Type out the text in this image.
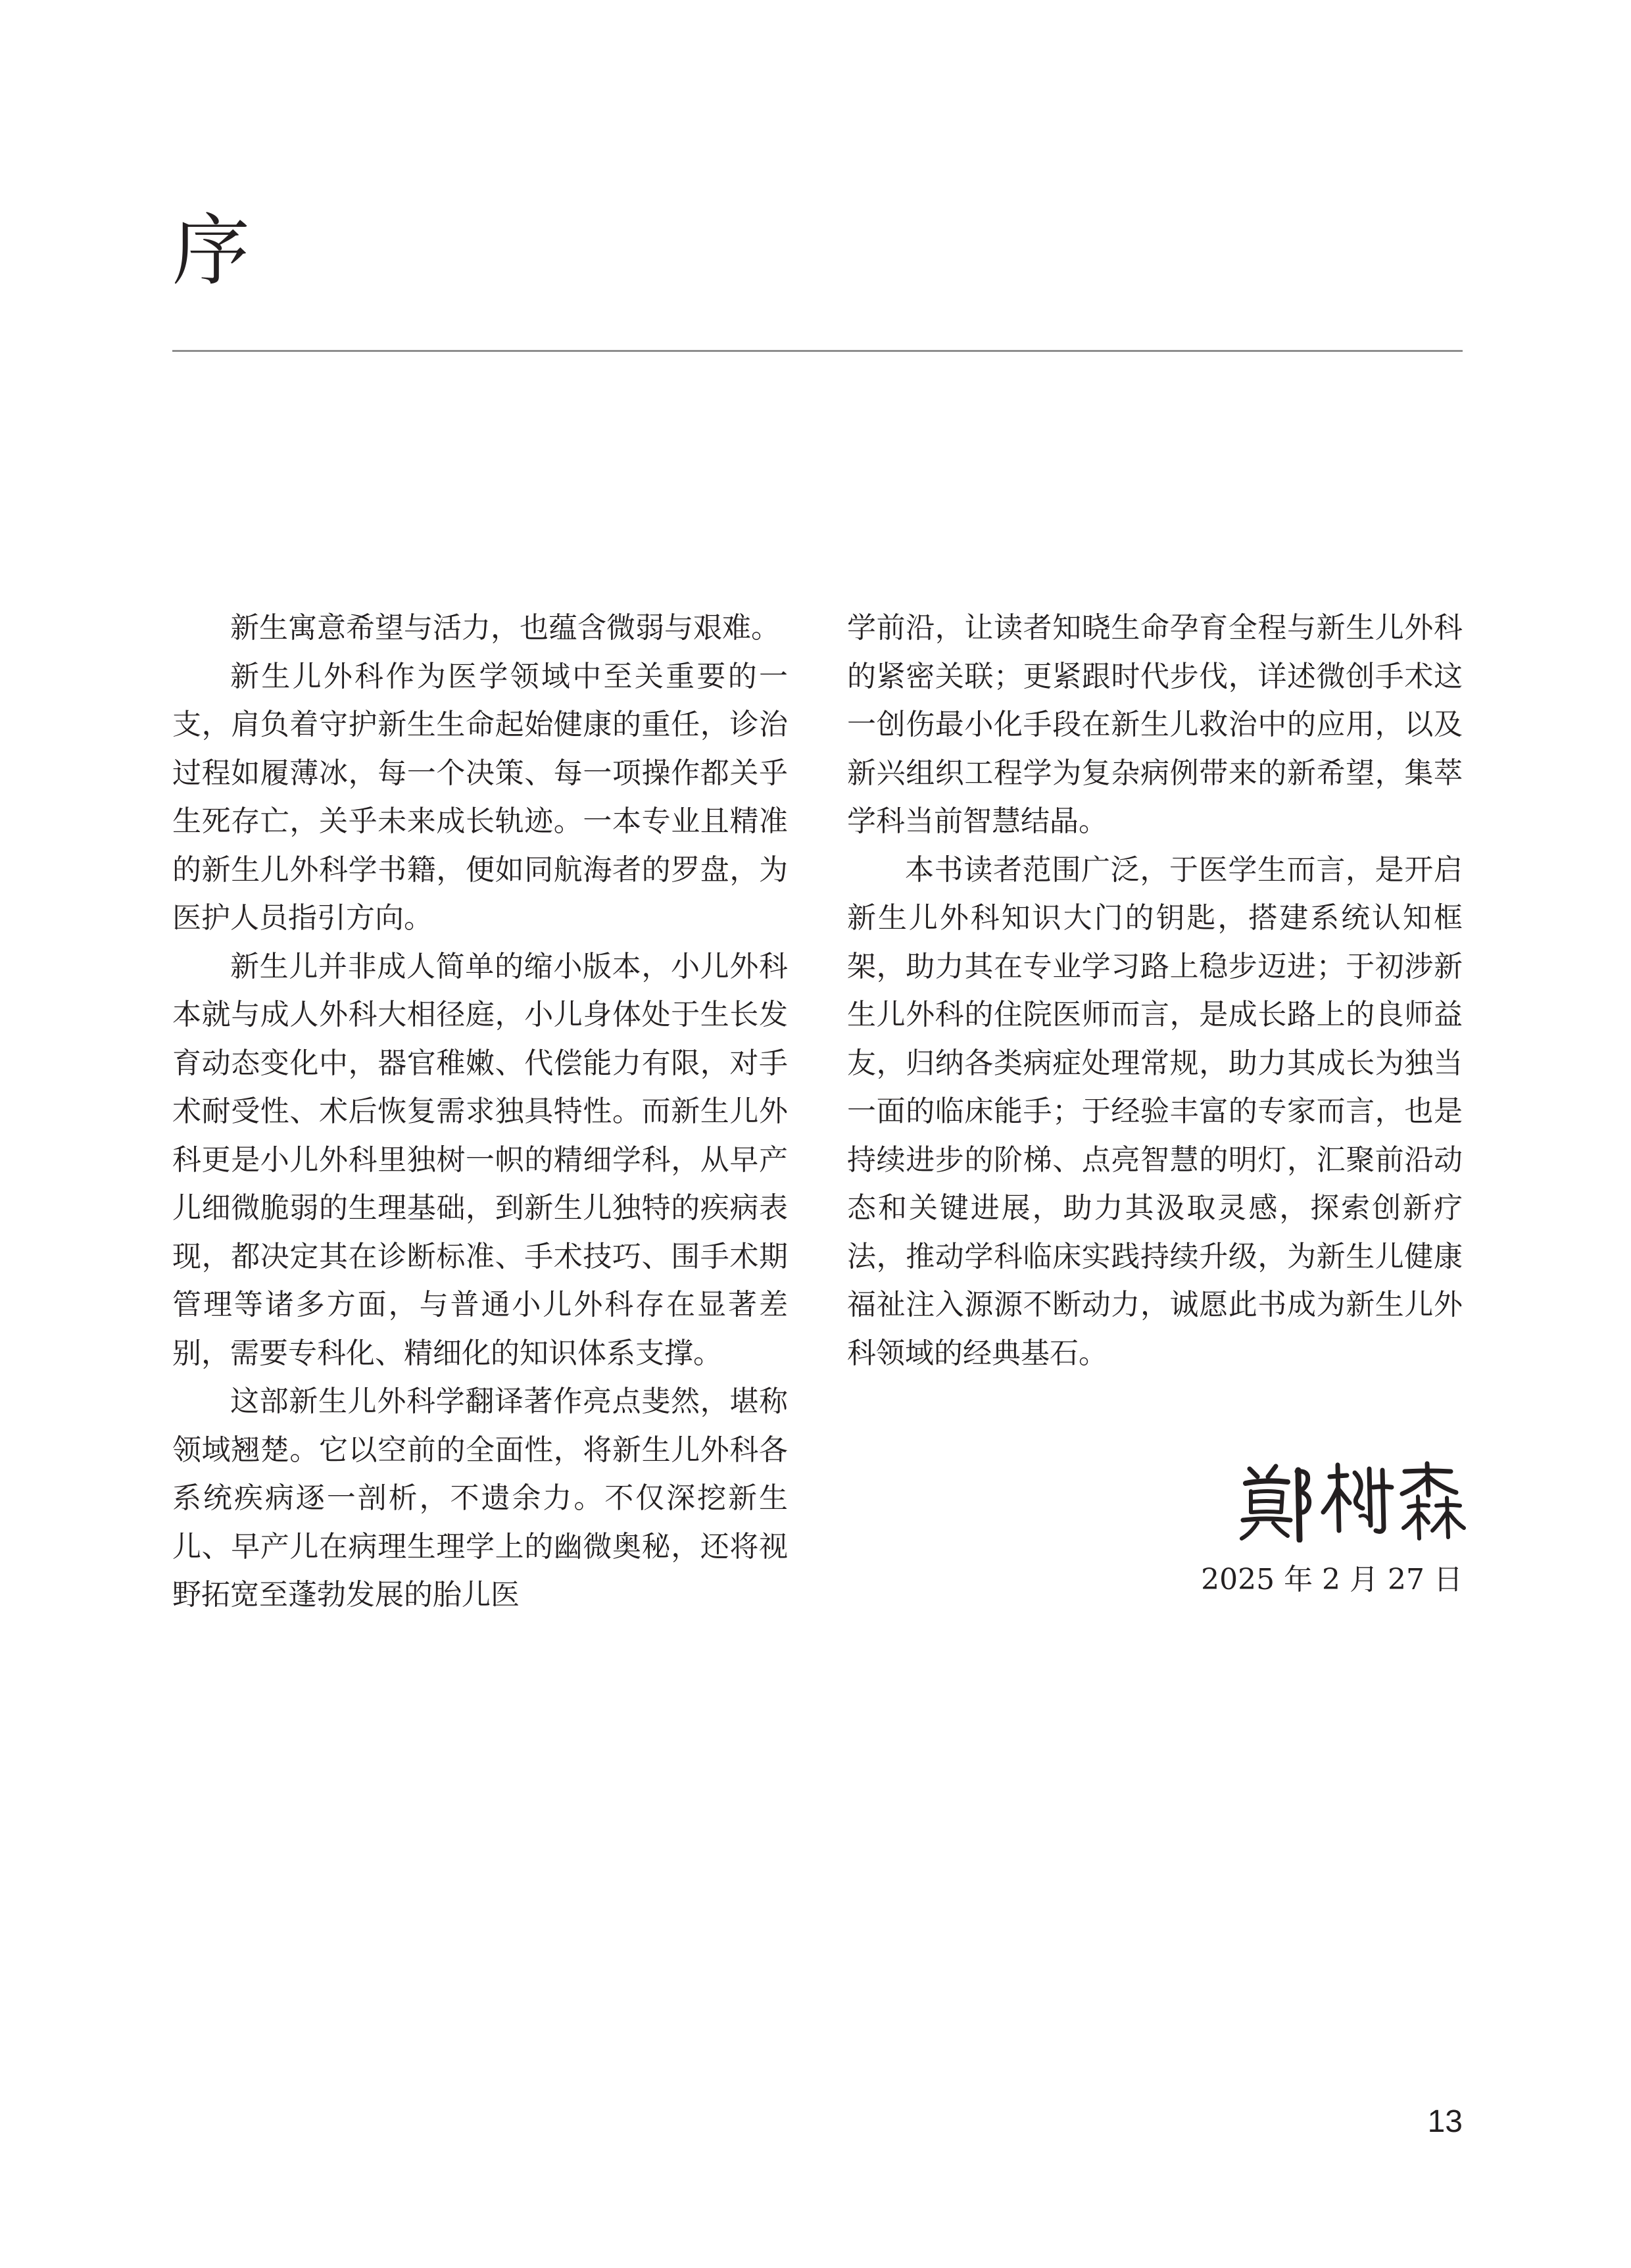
序

新生寓意希望与活力，也蕴含微弱与艰难。

新生儿外科作为医学领域中至关重要的一支，肩负着守护新生生命起始健康的重任，诊治过程如履薄冰，每一个决策、每一项操作都关乎生死存亡，关乎未来成长轨迹。一本专业且精准的新生儿外科学书籍，便如同航海者的罗盘，为医护人员指引方向。

新生儿并非成人简单的缩小版本，小儿外科本就与成人外科大相径庭，小儿身体处于生长发育动态变化中，器官稚嫩、代偿能力有限，对手术耐受性、术后恢复需求独具特性。而新生儿外科更是小儿外科里独树一帜的精细学科，从早产儿细微脆弱的生理基础，到新生儿独特的疾病表现，都决定其在诊断标准、手术技巧、围手术期管理等诸多方面，与普通小儿外科存在显著差别，需要专科化、精细化的知识体系支撑。

这部新生儿外科学翻译著作亮点斐然，堪称领域翘楚。它以空前的全面性，将新生儿外科各系统疾病逐一剖析，不遗余力。不仅深挖新生儿、早产儿在病理生理学上的幽微奥秘，还将视野拓宽至蓬勃发展的胎儿医

学前沿，让读者知晓生命孕育全程与新生儿外科的紧密关联；更紧跟时代步伐，详述微创手术这一创伤最小化手段在新生儿救治中的应用，以及新兴组织工程学为复杂病例带来的新希望，集萃学科当前智慧结晶。

本书读者范围广泛，于医学生而言，是开启新生儿外科知识大门的钥匙，搭建系统认知框架，助力其在专业学习路上稳步迈进；于初涉新生儿外科的住院医师而言，是成长路上的良师益友，归纳各类病症处理常规，助力其成长为独当一面的临床能手；于经验丰富的专家而言，也是持续进步的阶梯、点亮智慧的明灯，汇聚前沿动态和关键进展，助力其汲取灵感，探索创新疗法，推动学科临床实践持续升级，为新生儿健康福祉注入源源不断动力，诚愿此书成为新生儿外科领域的经典基石。

2025 年 2 月 27 日
13
